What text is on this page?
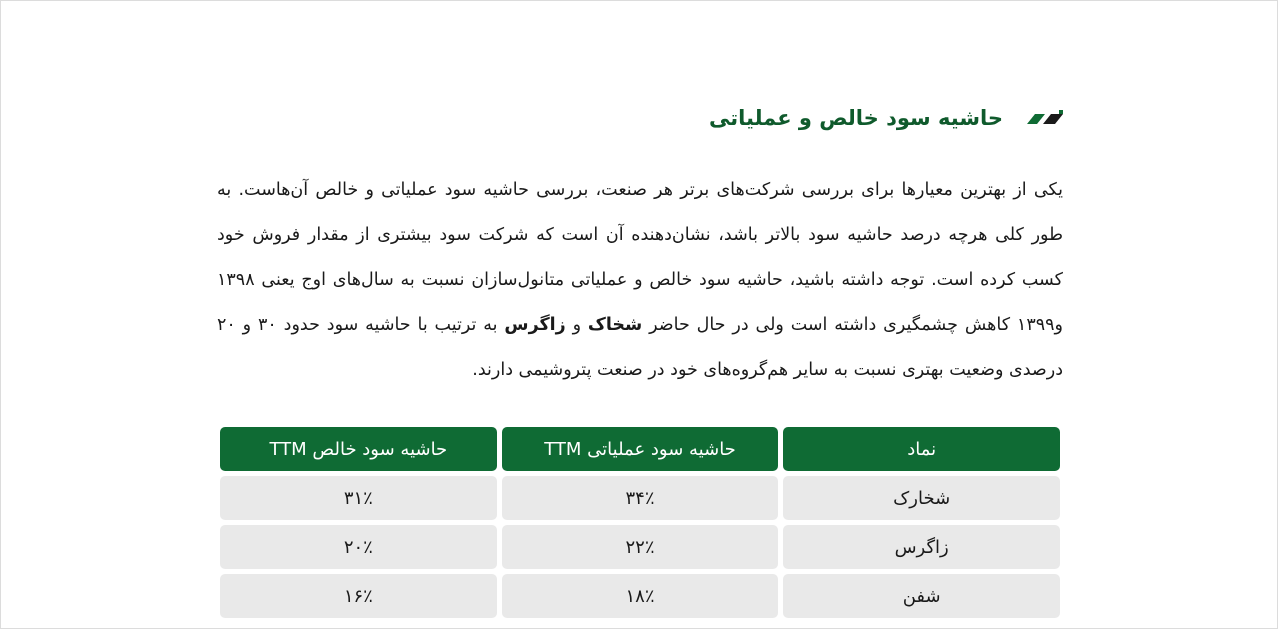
حاشیه سود خالص و عملیاتی

یکی از بهترین معیارها برای بررسی شرکت‌های برتر هر صنعت، بررسی حاشیه سود عملیاتی و خالص آن‌هاست. به طور کلی هرچه درصد حاشیه سود بالاتر باشد، نشان‌دهنده آن است که شرکت سود بیشتری از مقدار فروش خود کسب کرده است. توجه داشته باشید، حاشیه سود خالص و عملیاتی متانول‌سازان نسبت به سال‌های اوج یعنی ۱۳۹۸ و۱۳۹۹ کاهش چشمگیری داشته است ولی در حال حاضر شخاک و زاگرس به ترتیب با حاشیه سود حدود ۳۰ و ۲۰ درصدی وضعیت بهتری نسبت به سایر هم‌گروه‌های خود در صنعت پتروشیمی دارند.

نماد	حاشیه سود عملیاتی TTM	حاشیه سود خالص TTM
شخارک	۳۴٪	۳۱٪
زاگرس	۲۲٪	۲۰٪
شفن	۱۸٪	۱۶٪
